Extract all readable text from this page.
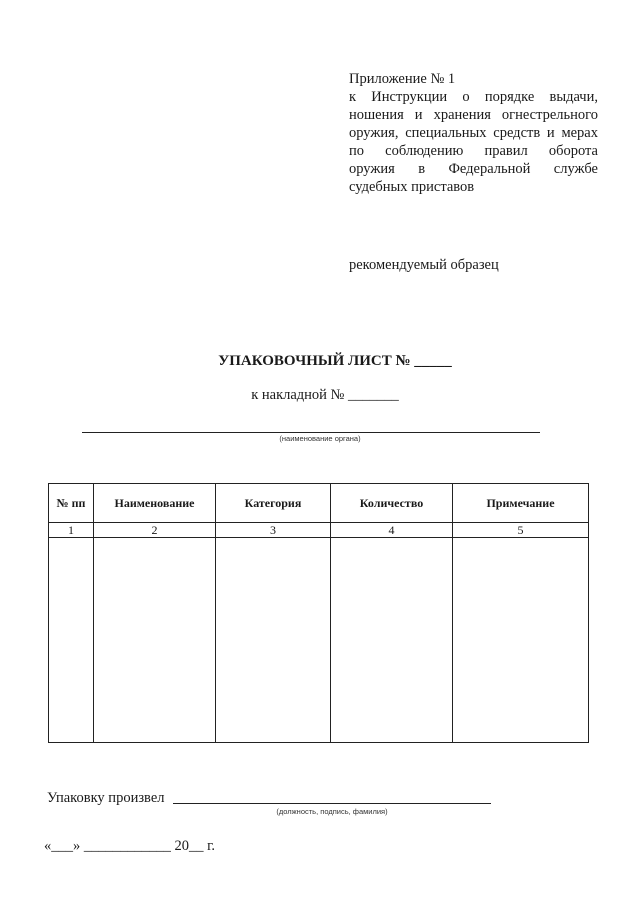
Приложение № 1
к Инструкции о порядке выдачи,
ношения и хранения огнестрельного
оружия, специальных средств и мерах
по соблюдению правил оборота
оружия в Федеральной службе
судебных приставов
рекомендуемый образец
УПАКОВОЧНЫЙ ЛИСТ № _____
к накладной № _______
(наименование органа)
№ пп	Наименование	Категория	Количество	Примечание
1	2	3	4	5

Упаковку произвел
(должность, подпись, фамилия)
«___» ____________ 20__ г.
